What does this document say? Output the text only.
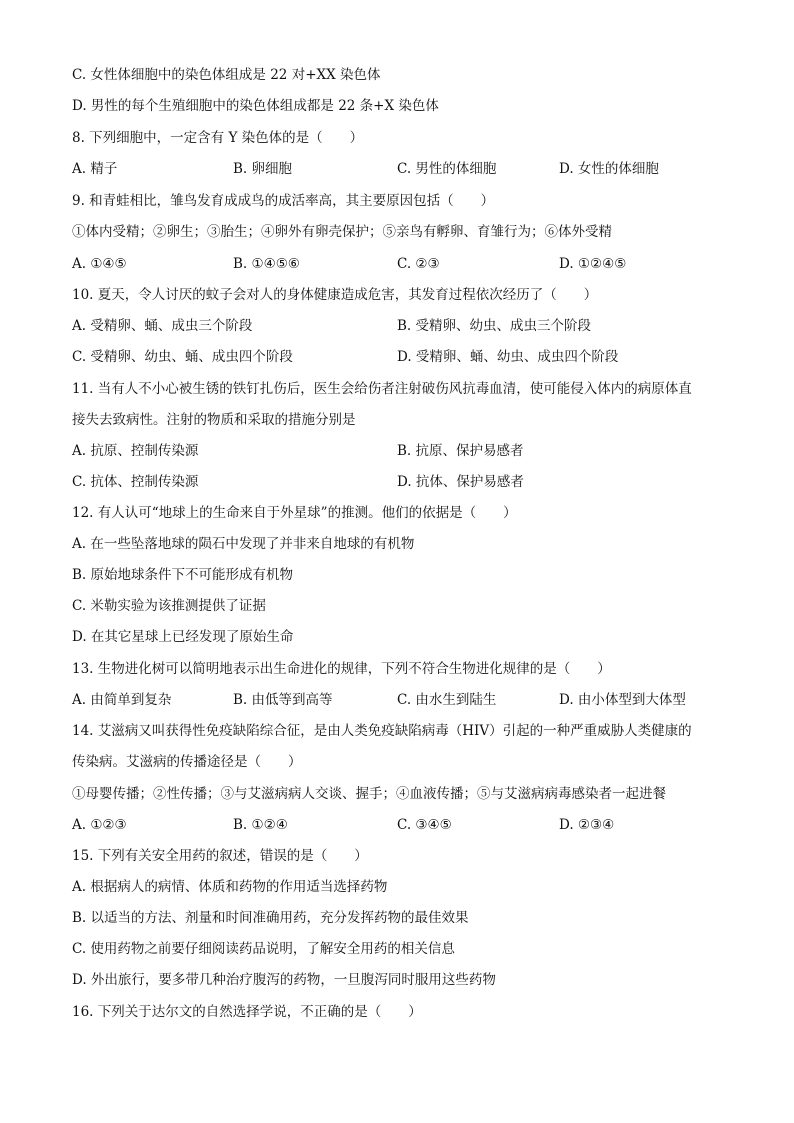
C. 女性体细胞中的染色体组成是 22 对+XX 染色体
D. 男性的每个生殖细胞中的染色体组成都是 22 条+X 染色体
8. 下列细胞中，一定含有 Y 染色体的是（　　）
A. 精子	B. 卵细胞	C. 男性的体细胞	D. 女性的体细胞
9. 和青蛙相比，雏鸟发育成成鸟的成活率高，其主要原因包括（　　）
①体内受精；②卵生；③胎生；④卵外有卵壳保护；⑤亲鸟有孵卵、育雏行为；⑥体外受精
A. ①④⑤	B. ①④⑤⑥	C. ②③	D. ①②④⑤
10. 夏天，令人讨厌的蚊子会对人的身体健康造成危害，其发育过程依次经历了（　　）
A. 受精卵、蛹、成虫三个阶段	B. 受精卵、幼虫、成虫三个阶段
C. 受精卵、幼虫、蛹、成虫四个阶段	D. 受精卵、蛹、幼虫、成虫四个阶段
11. 当有人不小心被生锈的铁钉扎伤后，医生会给伤者注射破伤风抗毒血清，使可能侵入体内的病原体直
接失去致病性。注射的物质和采取的措施分别是
A. 抗原、控制传染源	B. 抗原、保护易感者
C. 抗体、控制传染源	D. 抗体、保护易感者
12. 有人认可“地球上的生命来自于外星球”的推测。他们的依据是（　　）
A. 在一些坠落地球的陨石中发现了并非来自地球的有机物
B. 原始地球条件下不可能形成有机物
C. 米勒实验为该推测提供了证据
D. 在其它星球上已经发现了原始生命
13. 生物进化树可以简明地表示出生命进化的规律，下列不符合生物进化规律的是（　　）
A. 由简单到复杂	B. 由低等到高等	C. 由水生到陆生	D. 由小体型到大体型
14. 艾滋病又叫获得性免疫缺陷综合征，是由人类免疫缺陷病毒（HIV）引起的一种严重威胁人类健康的
传染病。艾滋病的传播途径是（　　）
①母婴传播；②性传播；③与艾滋病病人交谈、握手；④血液传播；⑤与艾滋病病毒感染者一起进餐
A. ①②③	B. ①②④	C. ③④⑤	D. ②③④
15. 下列有关安全用药的叙述，错误的是（　　）
A. 根据病人的病情、体质和药物的作用适当选择药物
B. 以适当的方法、剂量和时间准确用药，充分发挥药物的最佳效果
C. 使用药物之前要仔细阅读药品说明，了解安全用药的相关信息
D. 外出旅行，要多带几种治疗腹泻的药物，一旦腹泻同时服用这些药物
16. 下列关于达尔文的自然选择学说，不正确的是（　　）
